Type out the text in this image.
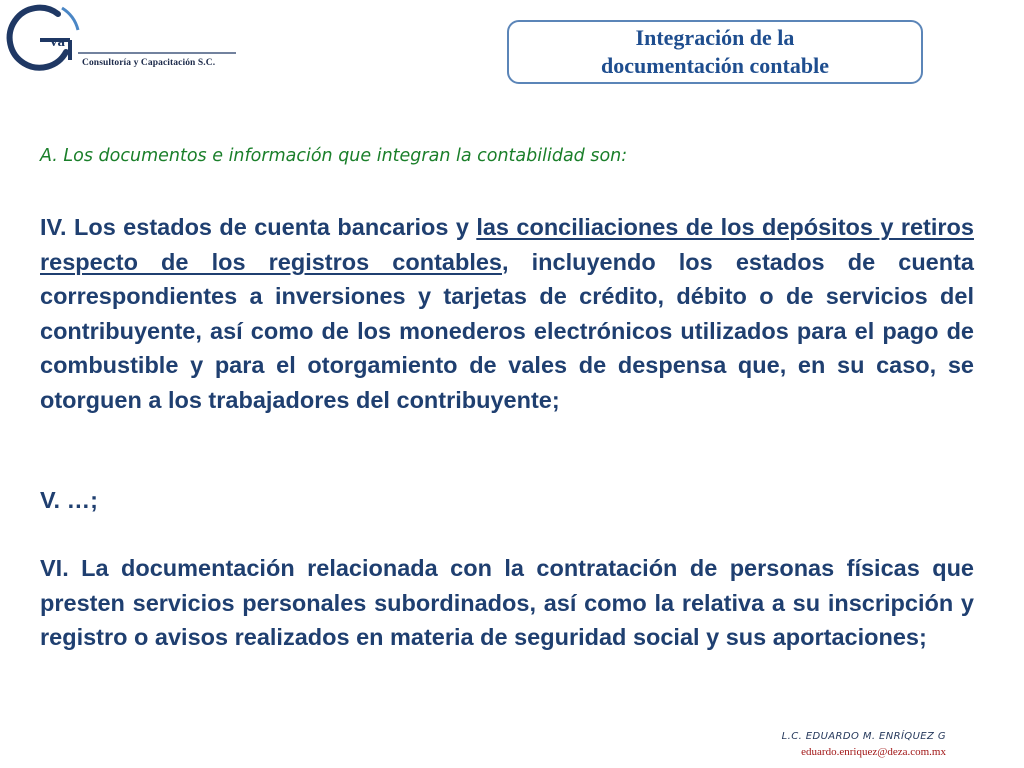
va
Consultoría y Capacitación S.C.
Integración de la
documentación contable
A. Los documentos e información que integran la contabilidad son:

IV. Los estados de cuenta bancarios y las conciliaciones de los depósitos y retiros respecto de los registros contables, incluyendo los estados de cuenta correspondientes a inversiones y tarjetas de crédito, débito o de servicios del contribuyente, así como de los monederos electrónicos utilizados para el pago de combustible y para el otorgamiento de vales de despensa que, en su caso, se otorguen a los trabajadores del contribuyente;

V. …;

VI. La documentación relacionada con la contratación de personas físicas que presten servicios personales subordinados, así como la relativa a su inscripción y registro o avisos realizados en materia de seguridad social y sus aportaciones;

L.C. EDUARDO M. ENRÍQUEZ G
eduardo.enriquez@deza.com.mx
